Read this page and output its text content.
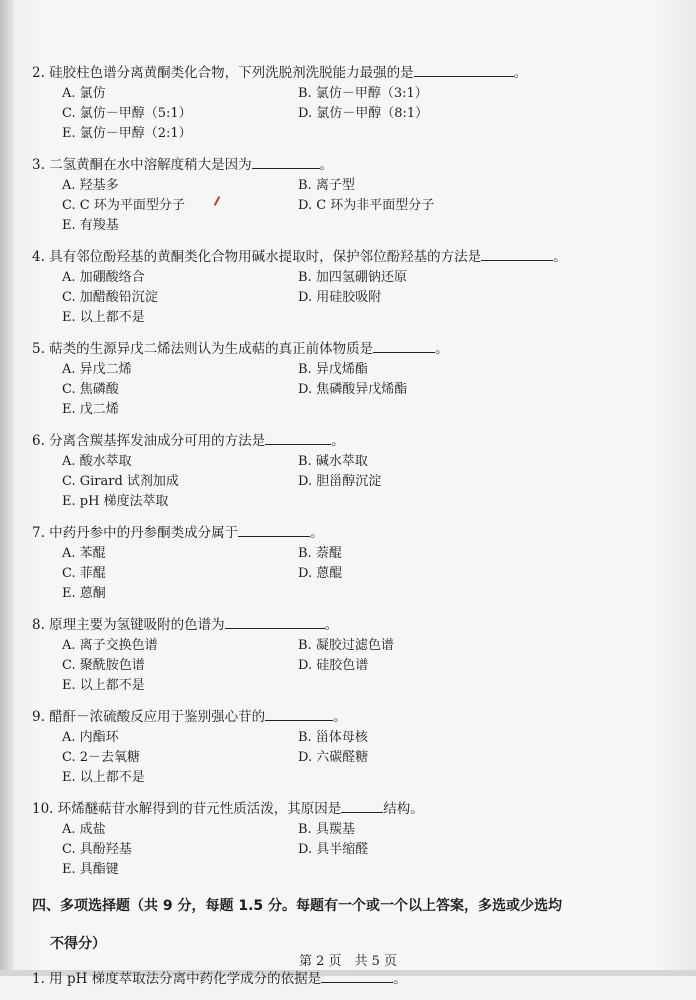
2. 硅胶柱色谱分离黄酮类化合物，下列洗脱剂洗脱能力最强的是	。
A. 氯仿	B. 氯仿－甲醇（3:1）
C. 氯仿－甲醇（5:1）	D. 氯仿－甲醇（8:1）
E. 氯仿－甲醇（2:1）
3. 二氢黄酮在水中溶解度稍大是因为	。
A. 羟基多	B. 离子型
C. C 环为平面型分子	D. C 环为非平面型分子
E. 有羧基
4. 具有邻位酚羟基的黄酮类化合物用碱水提取时，保护邻位酚羟基的方法是	。
A. 加硼酸络合	B. 加四氢硼钠还原
C. 加醋酸铅沉淀	D. 用硅胶吸附
E. 以上都不是
5. 萜类的生源异戊二烯法则认为生成萜的真正前体物质是	。
A. 异戊二烯	B. 异戊烯酯
C. 焦磷酸	D. 焦磷酸异戊烯酯
E. 戊二烯
6. 分离含羰基挥发油成分可用的方法是	。
A. 酸水萃取	B. 碱水萃取
C. Girard 试剂加成	D. 胆甾醇沉淀
E. pH 梯度法萃取
7. 中药丹参中的丹参酮类成分属于	。
A. 苯醌	B. 萘醌
C. 菲醌	D. 蒽醌
E. 蒽酮
8. 原理主要为氢键吸附的色谱为	。
A. 离子交换色谱	B. 凝胶过滤色谱
C. 聚酰胺色谱	D. 硅胶色谱
E. 以上都不是
9. 醋酐－浓硫酸反应用于鉴别强心苷的	。
A. 内酯环	B. 甾体母核
C. 2－去氧糖	D. 六碳醛糖
E. 以上都不是
10. 环烯醚萜苷水解得到的苷元性质活泼，其原因是	结构。
A. 成盐	B. 具羰基
C. 具酚羟基	D. 具半缩醛
E. 具酯键
四、多项选择题（共 9 分，每题 1.5 分。每题有一个或一个以上答案，多选或少选均
不得分）
1. 用 pH 梯度萃取法分离中药化学成分的依据是	。
第 2 页　共 5 页
